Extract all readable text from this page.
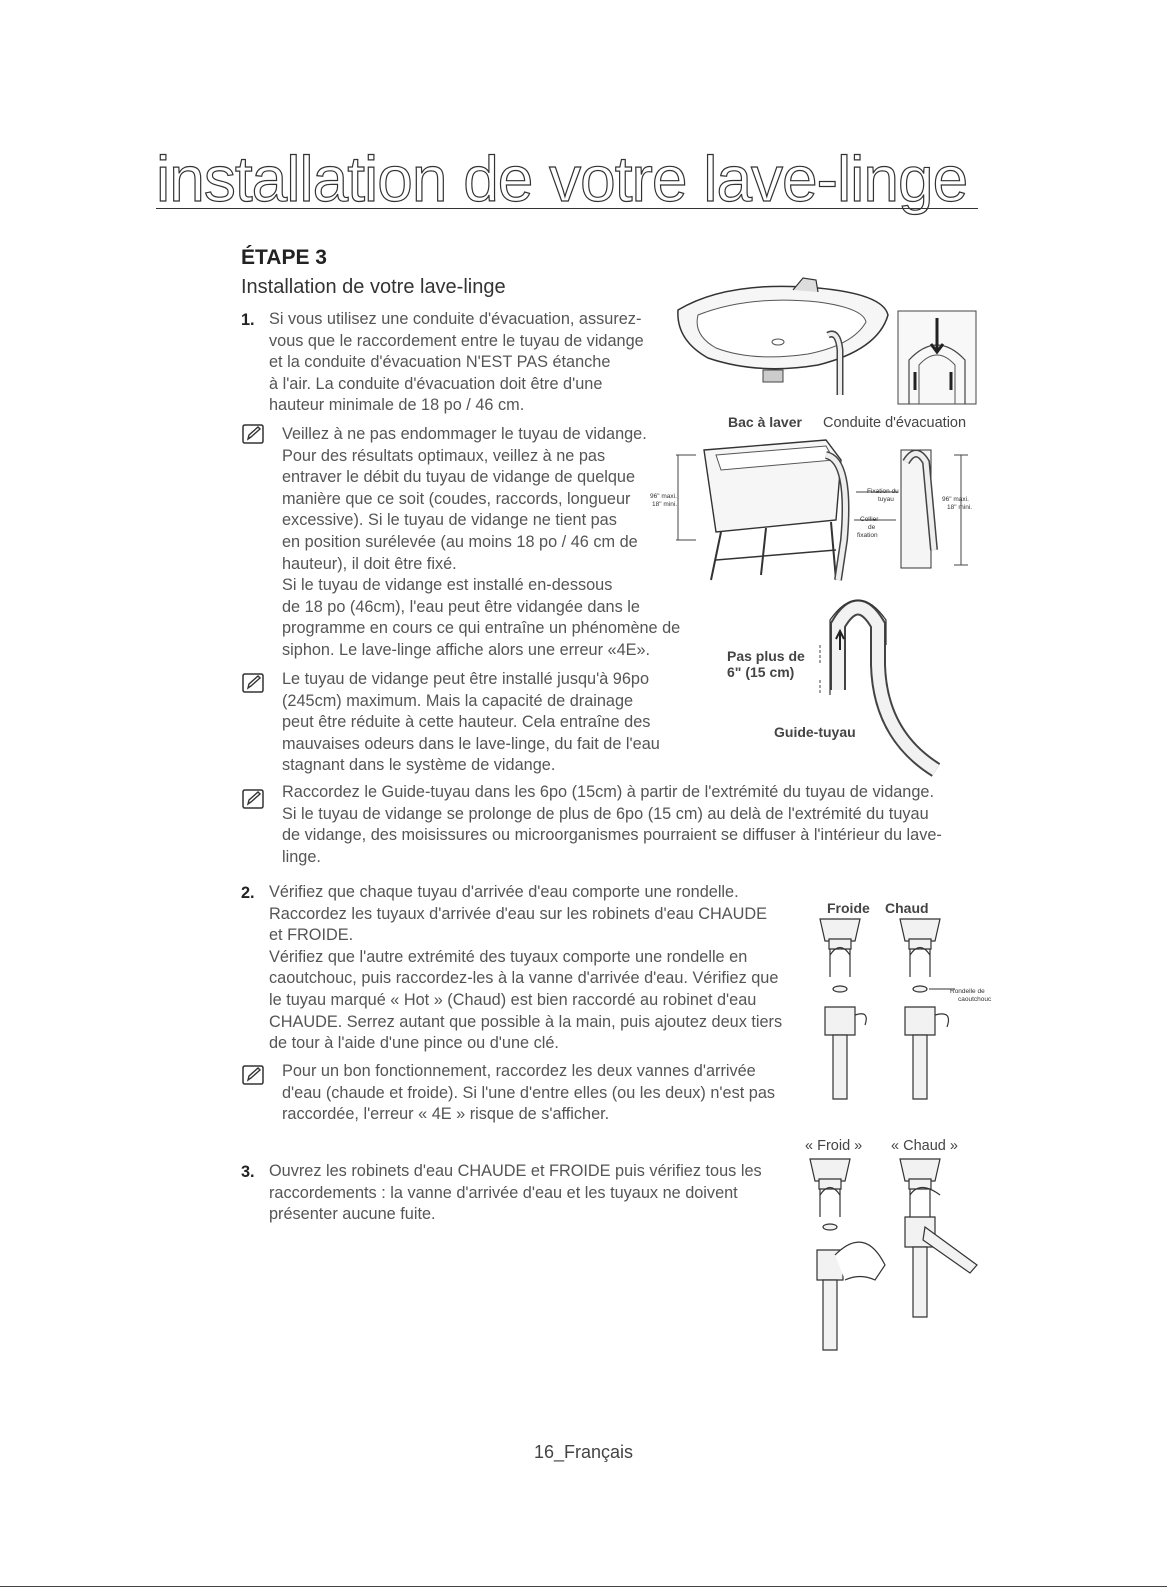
installation de votre lave-linge
ÉTAPE 3
Installation de votre lave-linge
1. Si vous utilisez une conduite d'évacuation, assurez-

vous que le raccordement entre le tuyau de vidange

et la conduite d'évacuation N'EST PAS étanche

à l'air. La conduite d'évacuation doit être d'une

hauteur minimale de 18 po / 46 cm.

Veillez à ne pas endommager le tuyau de vidange.

Pour des résultats optimaux, veillez à ne pas

entraver le débit du tuyau de vidange de quelque

manière que ce soit (coudes, raccords, longueur

excessive). Si le tuyau de vidange ne tient pas

en position surélevée (au moins 18 po / 46 cm de

hauteur), il doit être fixé.

Si le tuyau de vidange est installé en-dessous

de 18 po (46cm), l'eau peut être vidangée dans le

programme en cours ce qui entraîne un phénomène de

siphon. Le lave-linge affiche alors une erreur «4E».

Le tuyau de vidange peut être installé jusqu'à 96po

(245cm) maximum. Mais la capacité de drainage

peut être réduite à cette hauteur. Cela entraîne des

mauvaises odeurs dans le lave-linge, du fait de l'eau

stagnant dans le système de vidange.

Raccordez le Guide-tuyau dans les 6po (15cm) à partir de l'extrémité du tuyau de vidange.

Si le tuyau de vidange se prolonge de plus de 6po (15 cm) au delà de l'extrémité du tuyau

de vidange, des moisissures ou microorganismes pourraient se diffuser à l'intérieur du lave-

linge.

2. Vérifiez que chaque tuyau d'arrivée d'eau comporte une rondelle.

Raccordez les tuyaux d'arrivée d'eau sur les robinets d'eau CHAUDE

et FROIDE.

Vérifiez que l'autre extrémité des tuyaux comporte une rondelle en

caoutchouc, puis raccordez-les à la vanne d'arrivée d'eau. Vérifiez que

le tuyau marqué « Hot » (Chaud) est bien raccordé au robinet d'eau

CHAUDE. Serrez autant que possible à la main, puis ajoutez deux tiers

de tour à l'aide d'une pince ou d'une clé.

Pour un bon fonctionnement, raccordez les deux vannes d'arrivée

d'eau (chaude et froide). Si l'une d'entre elles (ou les deux) n'est pas

raccordée, l'erreur « 4E » risque de s'afficher.

3. Ouvrez les robinets d'eau CHAUDE et FROIDE puis vérifiez tous les

raccordements : la vanne d'arrivée d'eau et les tuyaux ne doivent

présenter aucune fuite.

Bac à laver Conduite d'évacuation
96" maxi.
18" mini.
Fixation du
tuyau
Collier
de
fixation
96" maxi.
18" mini.
Pas plus de
6" (15 cm)
Guide-tuyau
Froide Chaud
Rondelle de
caoutchouc
« Froid » « Chaud »
16_Français
